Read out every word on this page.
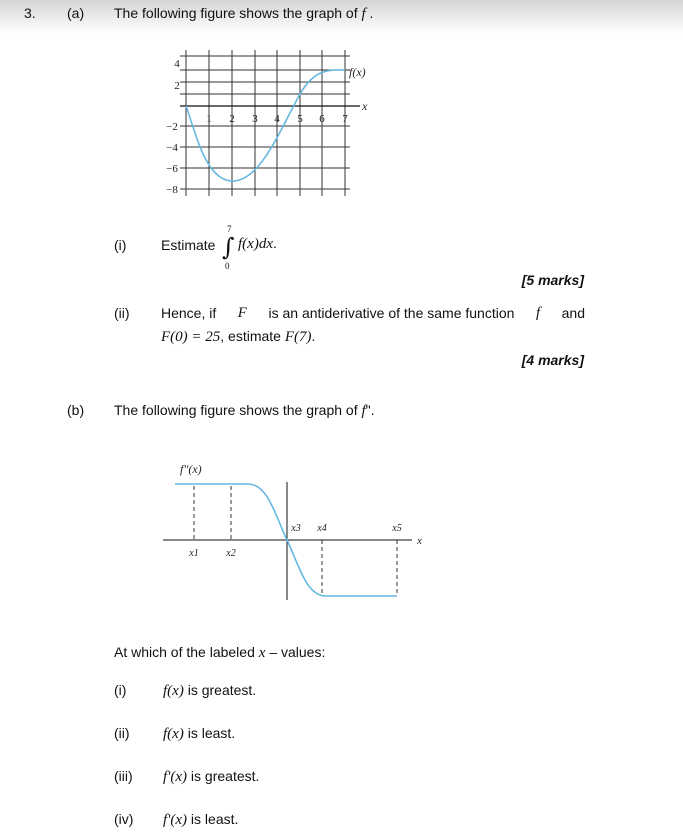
3. (a) The following figure shows the graph of f .
4
2
−2
−4
−6
−8
1 2 3 4 5 6 7
f(x)
x
(i) Estimate
7
∫
0
f(x)dx.
[5 marks]
(ii) Hence, if F is an antiderivative of the same function f and
F(0) = 25, estimate F(7).
[4 marks]
(b) The following figure shows the graph of f".
f″(x)
x
x1	x2
x3 x4	x5
At which of the labeled x – values:
(i) f(x) is greatest.
(ii) f(x) is least.
(iii) f'(x) is greatest.
(iv) f'(x) is least.
